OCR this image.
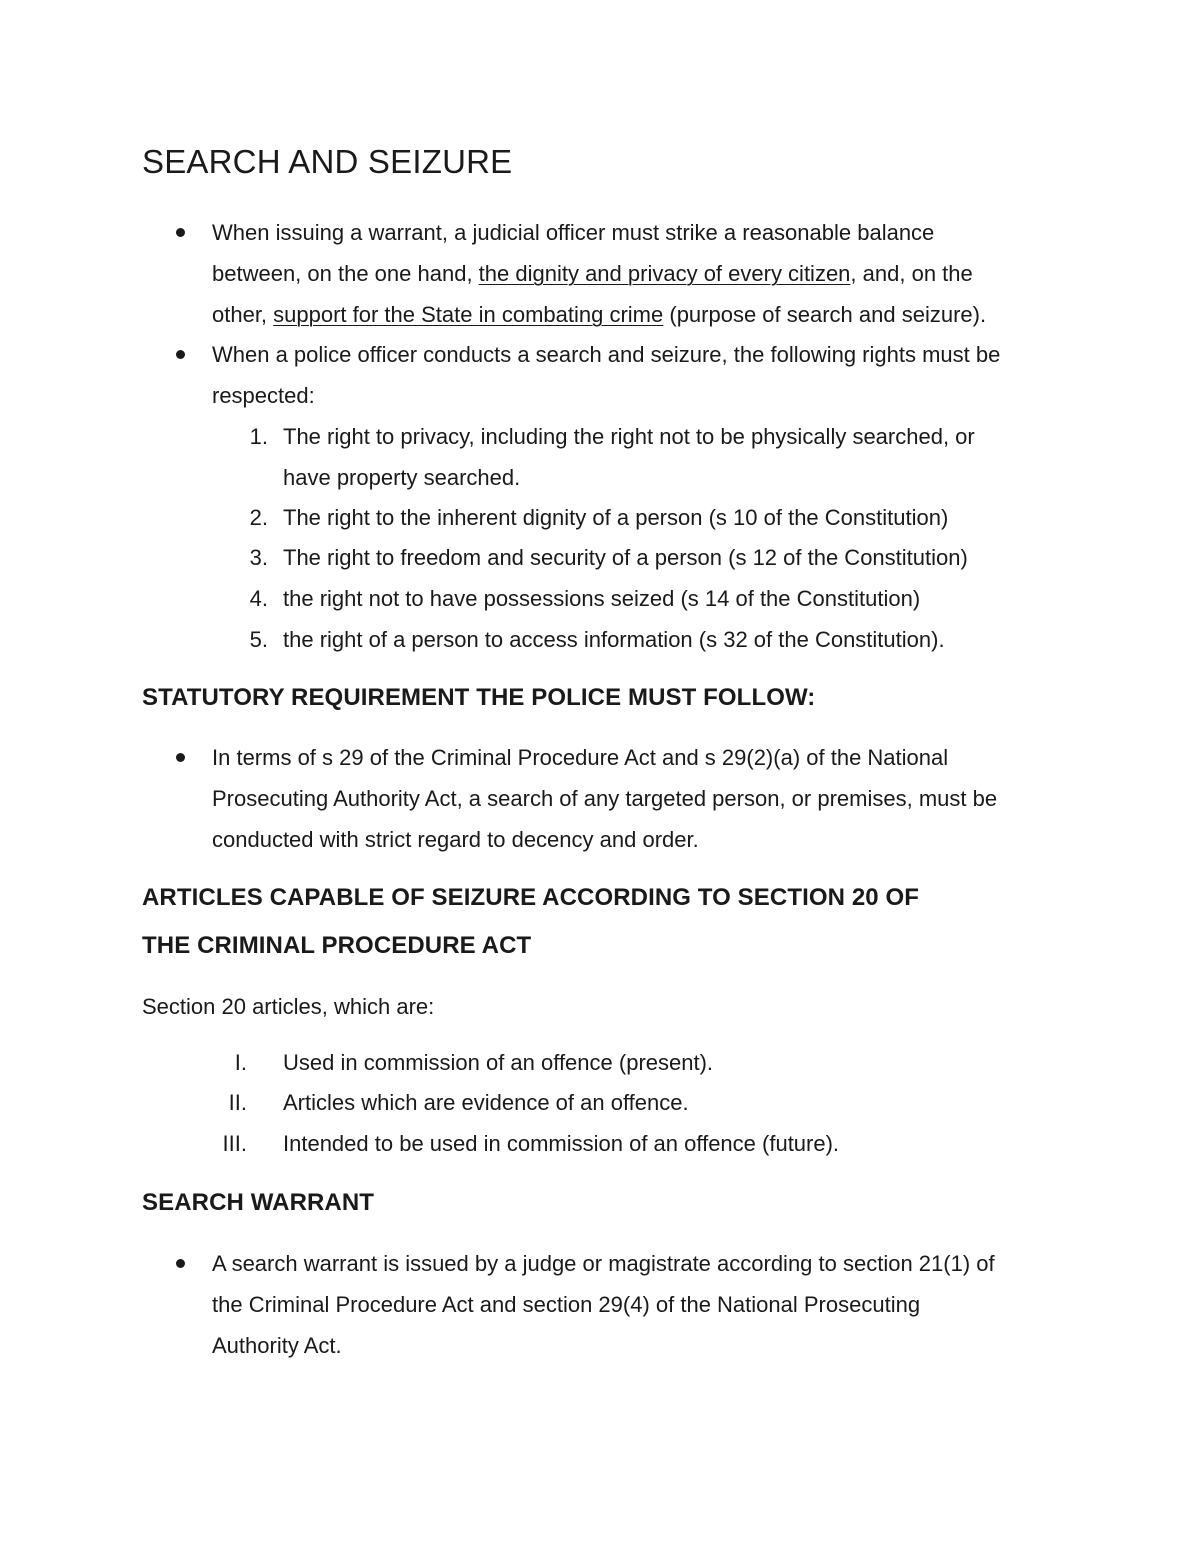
SEARCH AND SEIZURE
When issuing a warrant, a judicial officer must strike a reasonable balance
between, on the one hand, the dignity and privacy of every citizen, and, on the
other, support for the State in combating crime (purpose of search and seizure).
When a police officer conducts a search and seizure, the following rights must be
respected:
1. The right to privacy, including the right not to be physically searched, or
have property searched.
2. The right to the inherent dignity of a person (s 10 of the Constitution)
3. The right to freedom and security of a person (s 12 of the Constitution)
4. the right not to have possessions seized (s 14 of the Constitution)
5. the right of a person to access information (s 32 of the Constitution).
STATUTORY REQUIREMENT THE POLICE MUST FOLLOW:
In terms of s 29 of the Criminal Procedure Act and s 29(2)(a) of the National
Prosecuting Authority Act, a search of any targeted person, or premises, must be
conducted with strict regard to decency and order.
ARTICLES CAPABLE OF SEIZURE ACCORDING TO SECTION 20 OF
THE CRIMINAL PROCEDURE ACT
Section 20 articles, which are:
I. Used in commission of an offence (present).
II. Articles which are evidence of an offence.
III. Intended to be used in commission of an offence (future).
SEARCH WARRANT
A search warrant is issued by a judge or magistrate according to section 21(1) of
the Criminal Procedure Act and section 29(4) of the National Prosecuting
Authority Act.
